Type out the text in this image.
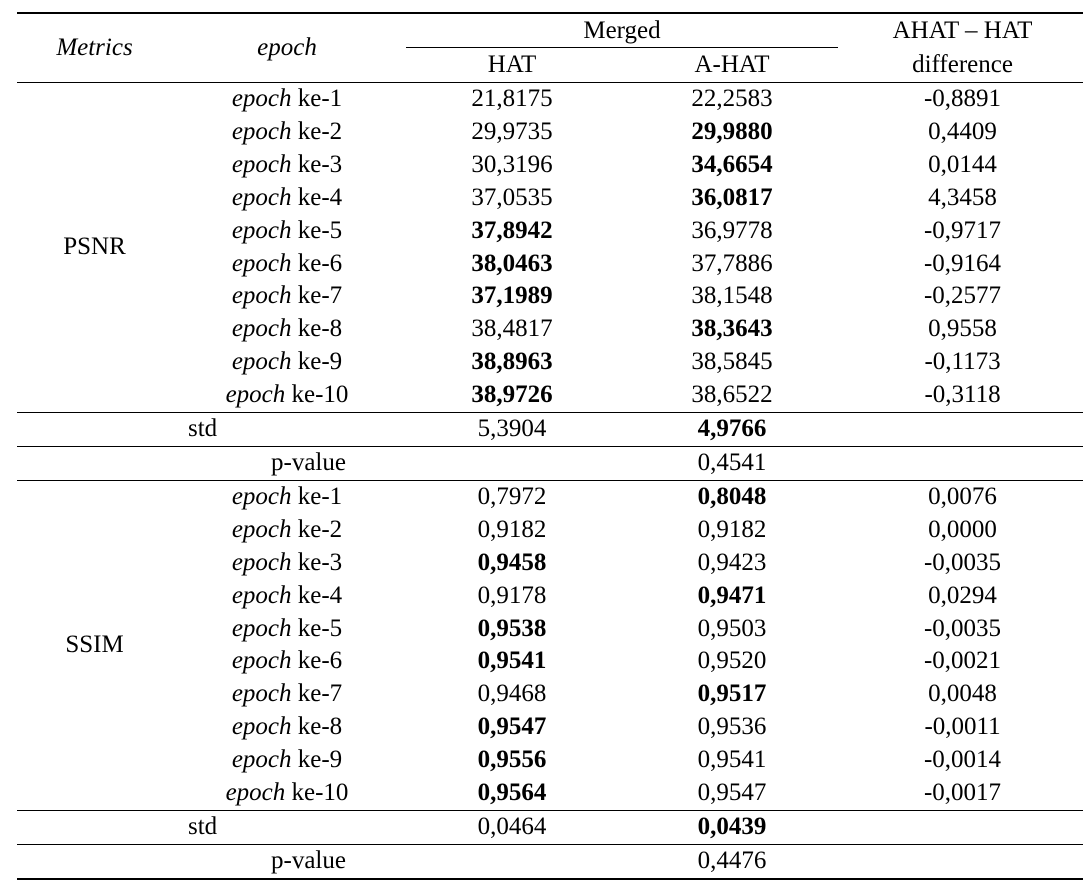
Metrics	epoch	Merged		AHAT – HAT
		HAT	A-HAT	difference
PSNR	epoch ke-1	21,8175	22,2583	-0,8891
	epoch ke-2	29,9735	29,9880	0,4409
	epoch ke-3	30,3196	34,6654	0,0144
	epoch ke-4	37,0535	36,0817	4,3458
	epoch ke-5	37,8942	36,9778	-0,9717
	epoch ke-6	38,0463	37,7886	-0,9164
	epoch ke-7	37,1989	38,1548	-0,2577
	epoch ke-8	38,4817	38,3643	0,9558
	epoch ke-9	38,8963	38,5845	-0,1173
	epoch ke-10	38,9726	38,6522	-0,3118
std		5,3904	4,9766	
p-value			0,4541	
SSIM	epoch ke-1	0,7972	0,8048	0,0076
	epoch ke-2	0,9182	0,9182	0,0000
	epoch ke-3	0,9458	0,9423	-0,0035
	epoch ke-4	0,9178	0,9471	0,0294
	epoch ke-5	0,9538	0,9503	-0,0035
	epoch ke-6	0,9541	0,9520	-0,0021
	epoch ke-7	0,9468	0,9517	0,0048
	epoch ke-8	0,9547	0,9536	-0,0011
	epoch ke-9	0,9556	0,9541	-0,0014
	epoch ke-10	0,9564	0,9547	-0,0017
std		0,0464	0,0439	
p-value			0,4476	
